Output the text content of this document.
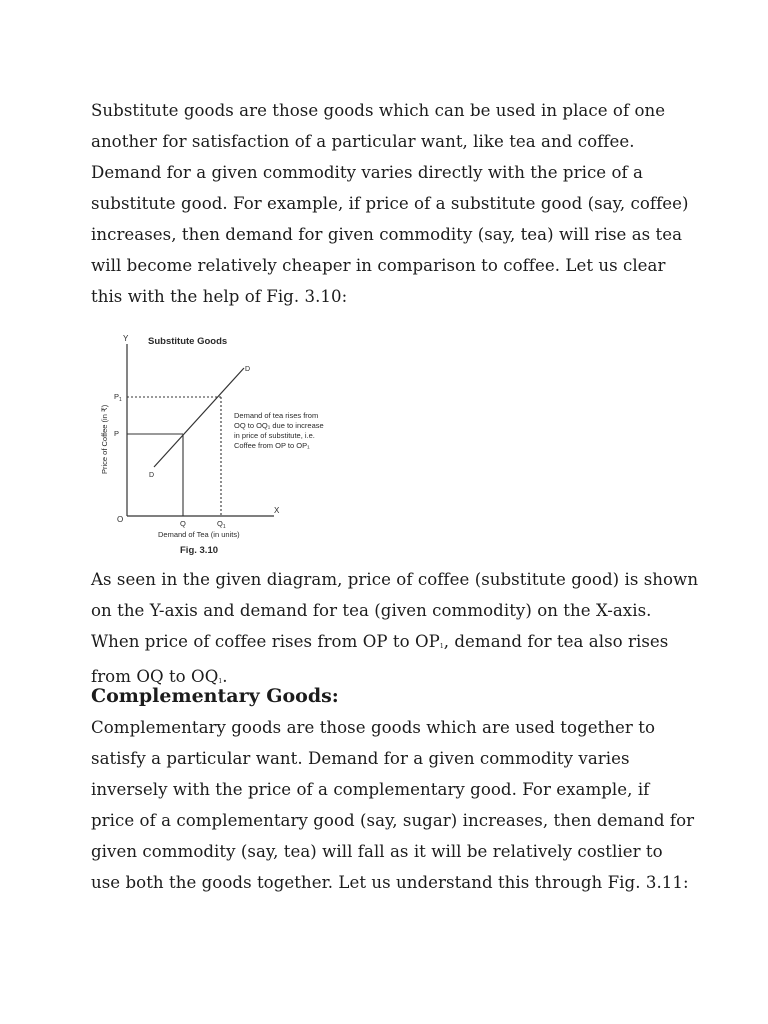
Substitute goods are those goods which can be used in place of one
another for satisfaction of a particular want, like tea and coffee.
Demand for a given commodity varies directly with the price of a
substitute good. For example, if price of a substitute good (say, coffee)
increases, then demand for given commodity (say, tea) will rise as tea
will become relatively cheaper in comparison to coffee. Let us clear
this with the help of Fig. 3.10:

Substitute Goods
Y
X
O
Price of Coffee (in ₹)
Demand of Tea (in units)
$P_1$
P
Q	$Q_1$
D
D
Demand of tea rises from OQ to OQ₁ due to increase in price of substitute, i.e. Coffee from OP to OP₁
Fig. 3.10

As seen in the given diagram, price of coffee (substitute good) is shown
on the Y-axis and demand for tea (given commodity) on the X-axis.
When price of coffee rises from OP to OP1, demand for tea also rises
from OQ to OQ1.

Complementary Goods:

Complementary goods are those goods which are used together to
satisfy a particular want. Demand for a given commodity varies
inversely with the price of a complementary good. For example, if
price of a complementary good (say, sugar) increases, then demand for
given commodity (say, tea) will fall as it will be relatively costlier to
use both the goods together. Let us understand this through Fig. 3.11:
